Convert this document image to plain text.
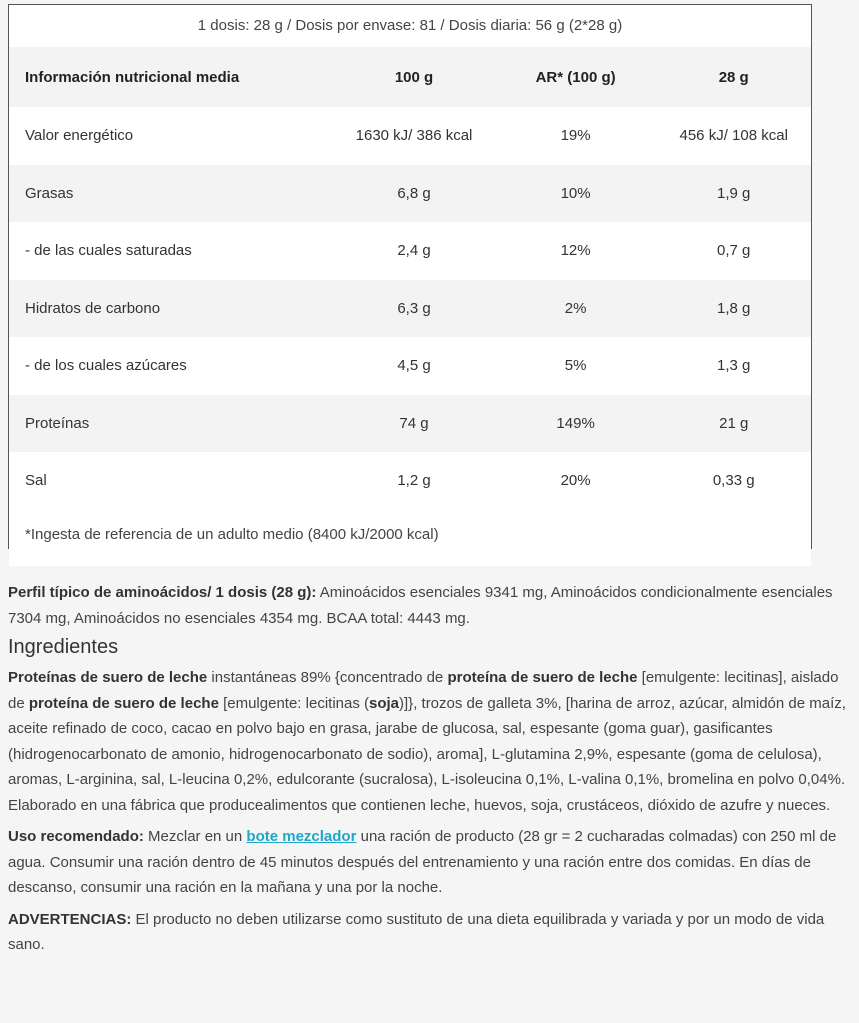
1 dosis: 28 g / Dosis por envase: 81 / Dosis diaria: 56 g (2*28 g)
Información nutricional media	100 g	AR* (100 g)	28 g
Valor energético	1630 kJ/ 386 kcal	19%	456 kJ/ 108 kcal
Grasas	6,8 g	10%	1,9 g
- de las cuales saturadas	2,4 g	12%	0,7 g
Hidratos de carbono	6,3 g	2%	1,8 g
- de los cuales azúcares	4,5 g	5%	1,3 g
Proteínas	74 g	149%	21 g
Sal	1,2 g	20%	0,33 g
*Ingesta de referencia de un adulto medio (8400 kJ/2000 kcal)

Perfil típico de aminoácidos/ 1 dosis (28 g): Aminoácidos esenciales 9341 mg, Aminoácidos condicionalmente esenciales 7304 mg, Aminoácidos no esenciales 4354 mg. BCAA total: 4443 mg.

Ingredientes

Proteínas de suero de leche instantáneas 89% {concentrado de proteína de suero de leche [emulgente: lecitinas], aislado de proteína de suero de leche [emulgente: lecitinas (soja)]}, trozos de galleta 3%, [harina de arroz, azúcar, almidón de maíz, aceite refinado de coco, cacao en polvo bajo en grasa, jarabe de glucosa, sal, espesante (goma guar), gasificantes (hidrogenocarbonato de amonio, hidrogenocarbonato de sodio), aroma], L-glutamina 2,9%, espesante (goma de celulosa), aromas, L-arginina, sal, L-leucina 0,2%, edulcorante (sucralosa), L-isoleucina 0,1%, L-valina 0,1%, bromelina en polvo 0,04%.

Elaborado en una fábrica que producealimentos que contienen leche, huevos, soja, crustáceos, dióxido de azufre y nueces.

Uso recomendado: Mezclar en un bote mezclador una ración de producto (28 gr = 2 cucharadas colmadas) con 250 ml de agua. Consumir una ración dentro de 45 minutos después del entrenamiento y una ración entre dos comidas. En días de descanso, consumir una ración en la mañana y una por la noche.

ADVERTENCIAS: El producto no deben utilizarse como sustituto de una dieta equilibrada y variada y por un modo de vida sano.
